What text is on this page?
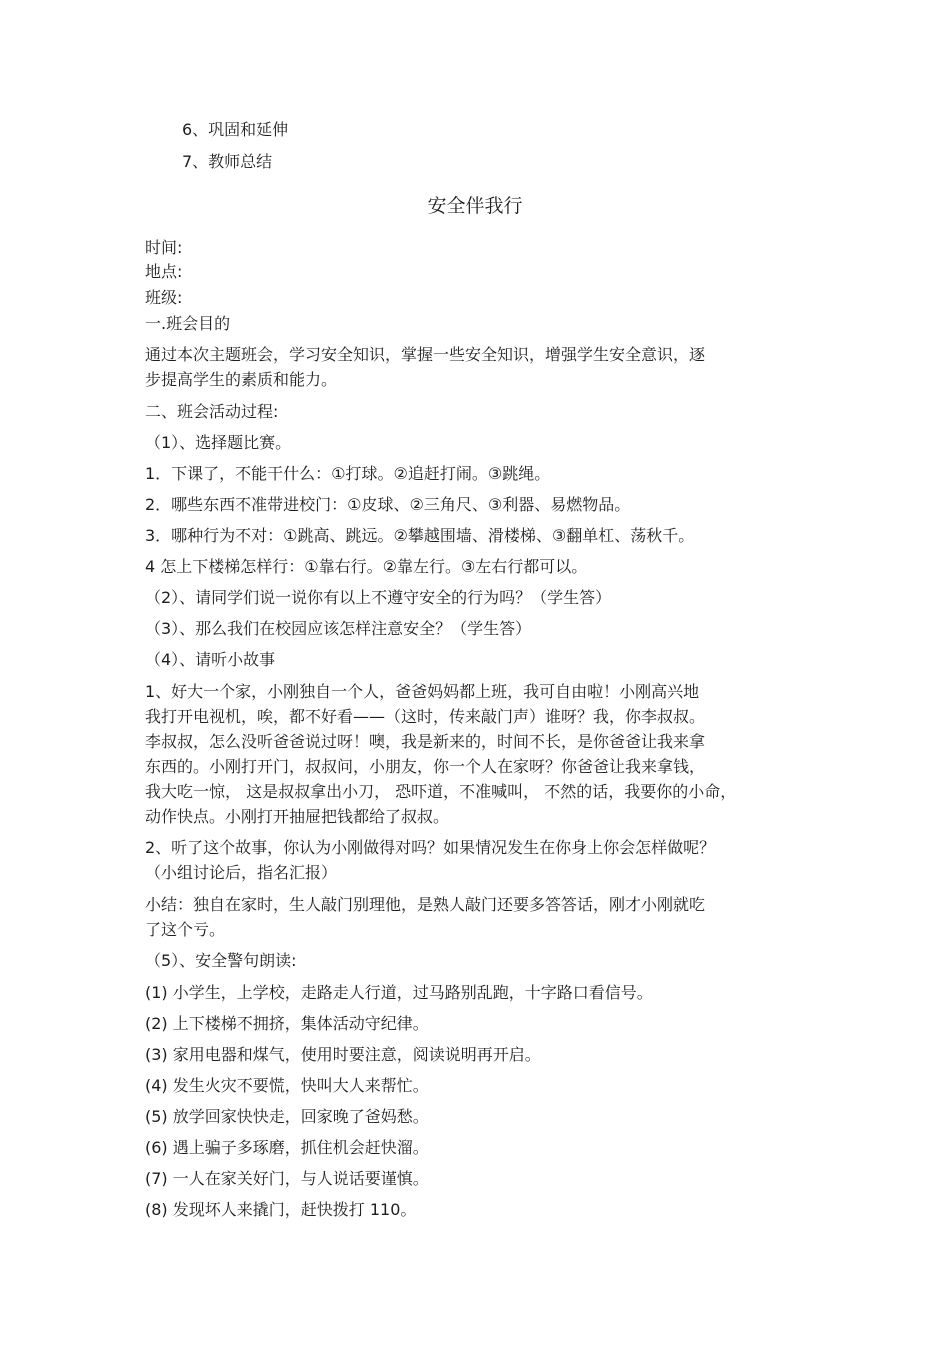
6、巩固和延伸
7、教师总结
安全伴我行
时间:
地点:
班级:
一.班会目的
通过本次主题班会，学习安全知识，掌握一些安全知识，增强学生安全意识，逐
步提高学生的素质和能力。
二、班会活动过程:
（1）、选择题比赛。
1．下课了，不能干什么：①打球。②追赶打闹。③跳绳。
2．哪些东西不准带进校门：①皮球、②三角尺、③利器、易燃物品。
3．哪种行为不对：①跳高、跳远。②攀越围墙、滑楼梯、③翻单杠、荡秋千。
4 怎上下楼梯怎样行：①靠右行。②靠左行。③左右行都可以。
（2）、请同学们说一说你有以上不遵守安全的行为吗？（学生答）
（3）、那么我们在校园应该怎样注意安全？（学生答）
（4）、请听小故事
1、好大一个家，小刚独自一个人，爸爸妈妈都上班，我可自由啦！小刚高兴地
我打开电视机，唉，都不好看——（这时，传来敲门声）谁呀？我，你李叔叔。
李叔叔，怎么没听爸爸说过呀！噢，我是新来的，时间不长，是你爸爸让我来拿
东西的。小刚打开门，叔叔问，小朋友，你一个人在家呀？你爸爸让我来拿钱，
我大吃一惊， 这是叔叔拿出小刀， 恐吓道，不准喊叫， 不然的话，我要你的小命，
动作快点。小刚打开抽屉把钱都给了叔叔。
2、听了这个故事，你认为小刚做得对吗？如果情况发生在你身上你会怎样做呢？
（小组讨论后，指名汇报）
小结：独自在家时，生人敲门别理他，是熟人敲门还要多答答话，刚才小刚就吃
了这个亏。
（5）、安全警句朗读:
(1) 小学生，上学校，走路走人行道，过马路别乱跑，十字路口看信号。
(2) 上下楼梯不拥挤，集体活动守纪律。
(3) 家用电器和煤气，使用时要注意，阅读说明再开启。
(4) 发生火灾不要慌，快叫大人来帮忙。
(5) 放学回家快快走，回家晚了爸妈愁。
(6) 遇上骗子多琢磨，抓住机会赶快溜。
(7) 一人在家关好门，与人说话要谨慎。
(8) 发现坏人来撬门，赶快拨打 110。
